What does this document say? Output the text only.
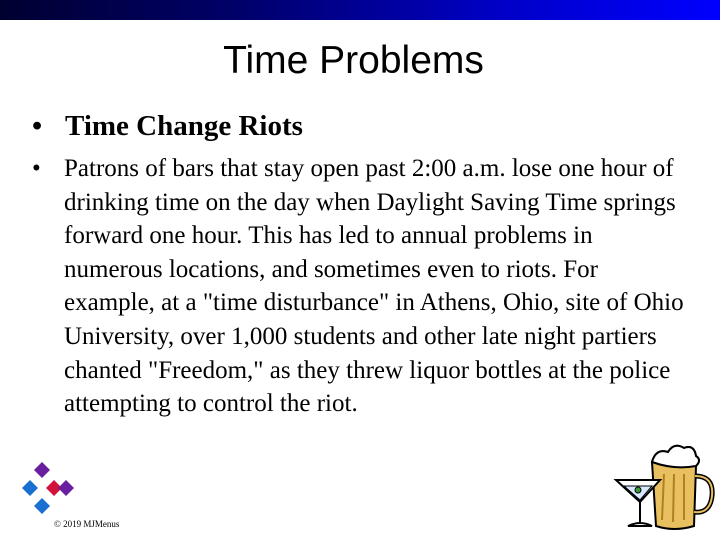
Time Problems
• Time Change Riots
• Patrons of bars that stay open past 2:00 a.m. lose one hour of drinking time on the day when Daylight Saving Time springs forward one hour. This has led to annual problems in numerous locations, and sometimes even to riots. For example, at a "time disturbance" in Athens, Ohio, site of Ohio University, over 1,000 students and other late night partiers chanted "Freedom," as they threw liquor bottles at the police attempting to control the riot.
© 2019 MJMenus
